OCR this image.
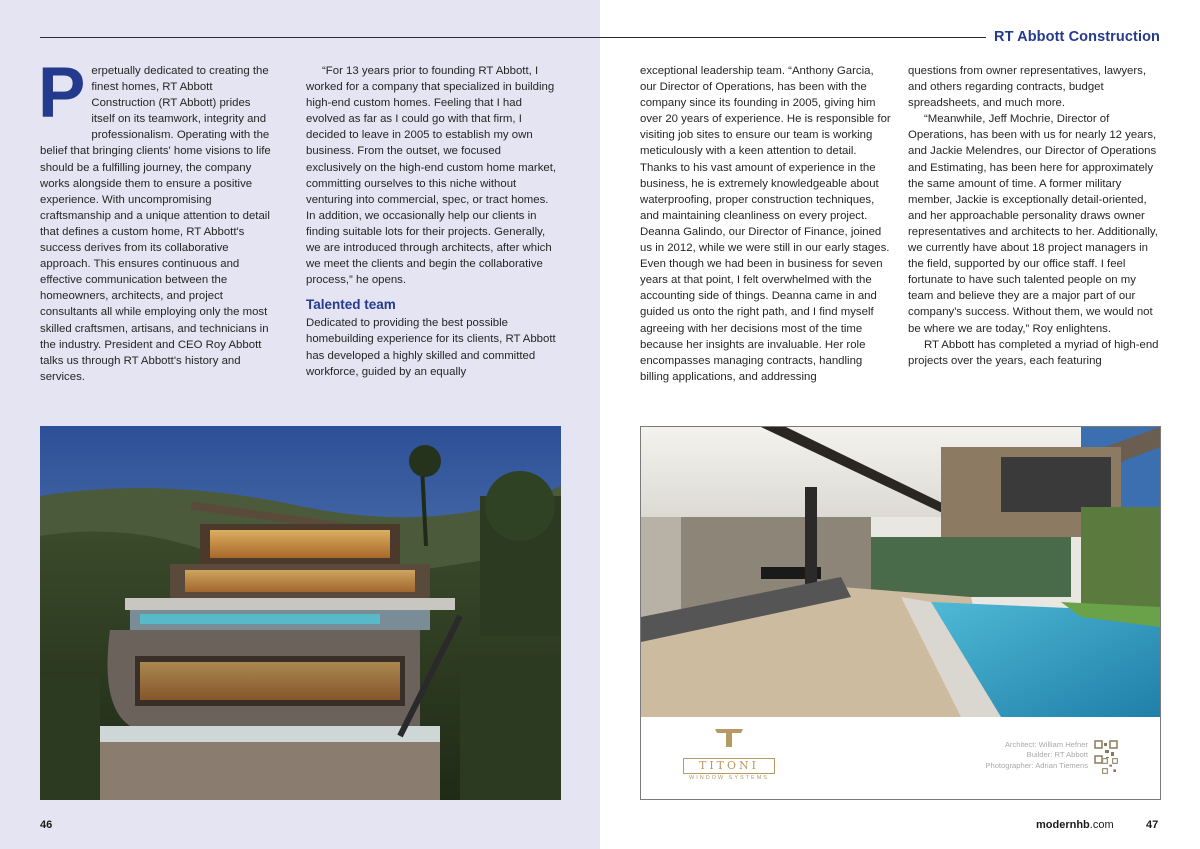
RT Abbott Construction
P erpetually dedicated to creating the finest homes, RT Abbott Construction (RT Abbott) prides itself on its teamwork, integrity and professionalism. Operating with the belief that bringing clients' home visions to life should be a fulfilling journey, the company works alongside them to ensure a positive experience. With uncompromising craftsmanship and a unique attention to detail that defines a custom home, RT Abbott's success derives from its collaborative approach. This ensures continuous and effective communication between the homeowners, architects, and project consultants all while employing only the most skilled craftsmen, artisans, and technicians in the industry. President and CEO Roy Abbott talks us through RT Abbott's history and services.

“For 13 years prior to founding RT Abbott, I worked for a company that specialized in building high-end custom homes. Feeling that I had evolved as far as I could go with that firm, I decided to leave in 2005 to establish my own business. From the outset, we focused exclusively on the high-end custom home market, committing ourselves to this niche without venturing into commercial, spec, or tract homes. In addition, we occasionally help our clients in finding suitable lots for their projects. Generally, we are introduced through architects, after which we meet the clients and begin the collaborative process,” he opens.

Talented team

Dedicated to providing the best possible homebuilding experience for its clients, RT Abbott has developed a highly skilled and committed workforce, guided by an equally

exceptional leadership team. “Anthony Garcia, our Director of Operations, has been with the company since its founding in 2005, giving him over 20 years of experience. He is responsible for visiting job sites to ensure our team is working meticulously with a keen attention to detail. Thanks to his vast amount of experience in the business, he is extremely knowledgeable about waterproofing, proper construction techniques, and maintaining cleanliness on every project. Deanna Galindo, our Director of Finance, joined us in 2012, while we were still in our early stages. Even though we had been in business for seven years at that point, I felt overwhelmed with the accounting side of things. Deanna came in and guided us onto the right path, and I find myself agreeing with her decisions most of the time because her insights are invaluable. Her role encompasses managing contracts, handling billing applications, and addressing

questions from owner representatives, lawyers, and others regarding contracts, budget spreadsheets, and much more.

“Meanwhile, Jeff Mochrie, Director of Operations, has been with us for nearly 12 years, and Jackie Melendres, our Director of Operations and Estimating, has been here for approximately the same amount of time. A former military member, Jackie is exceptionally detail-oriented, and her approachable personality draws owner representatives and architects to her. Additionally, we currently have about 18 project managers in the field, supported by our office staff. I feel fortunate to have such talented people on my team and believe they are a major part of our company's success. Without them, we would not be where we are today,” Roy enlightens.

RT Abbott has completed a myriad of high-end projects over the years, each featuring

TITONI
WINDOW SYSTEMS
Architect: William Hefner
Builder: RT Abbott
Photographer: Adrian Tiemens
46	modernhb.com	47
